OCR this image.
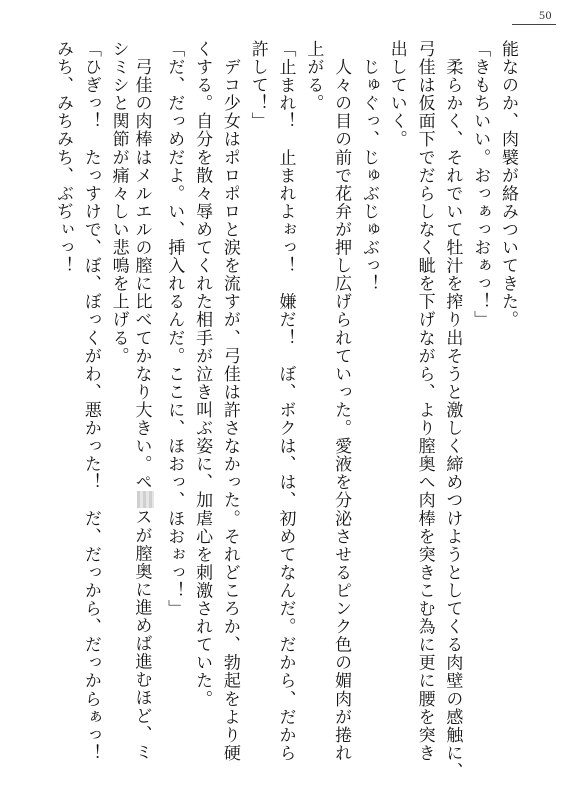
50
能なのか、肉襞が絡みついてきた。
「きもちいい。おっぁっおぁっ！」
　柔らかく、それでいて牡汁を搾り出そうと激しく締めつけようとしてくる肉壁の感触に、
弓佳は仮面下でだらしなく眦を下げながら、より膣奥へ肉棒を突きこむ為に更に腰を突き
出していく。
　じゅぐっ、じゅぶじゅぶっ！
　人々の目の前で花弁が押し広げられていった。愛液を分泌させるピンク色の媚肉が捲れ
上がる。
「止まれ！　止まれよぉっ！　嫌だ！　ぼ、ボクは、は、初めてなんだ。だから、だから
許して！」
　デコ少女はポロポロと涙を流すが、弓佳は許さなかった。それどころか、勃起をより硬
くする。自分を散々辱めてくれた相手が泣き叫ぶ姿に、加虐心を刺激されていた。
「だ、だっめだよ。い、挿入れるんだ。ここに、ほおっ、ほおぉっ！」
　弓佳の肉棒はメルエルの膣に比べてかなり大きい。ペスが膣奥に進めば進むほど、ミ
シミシと関節が痛々しい悲鳴を上げる。
「ひぎっ！　たっすけで、ぼ、ぼっくがわ、悪かった！　だ、だっから、だっからぁっ！
みち、みちみち、ぶぢぃっ！
